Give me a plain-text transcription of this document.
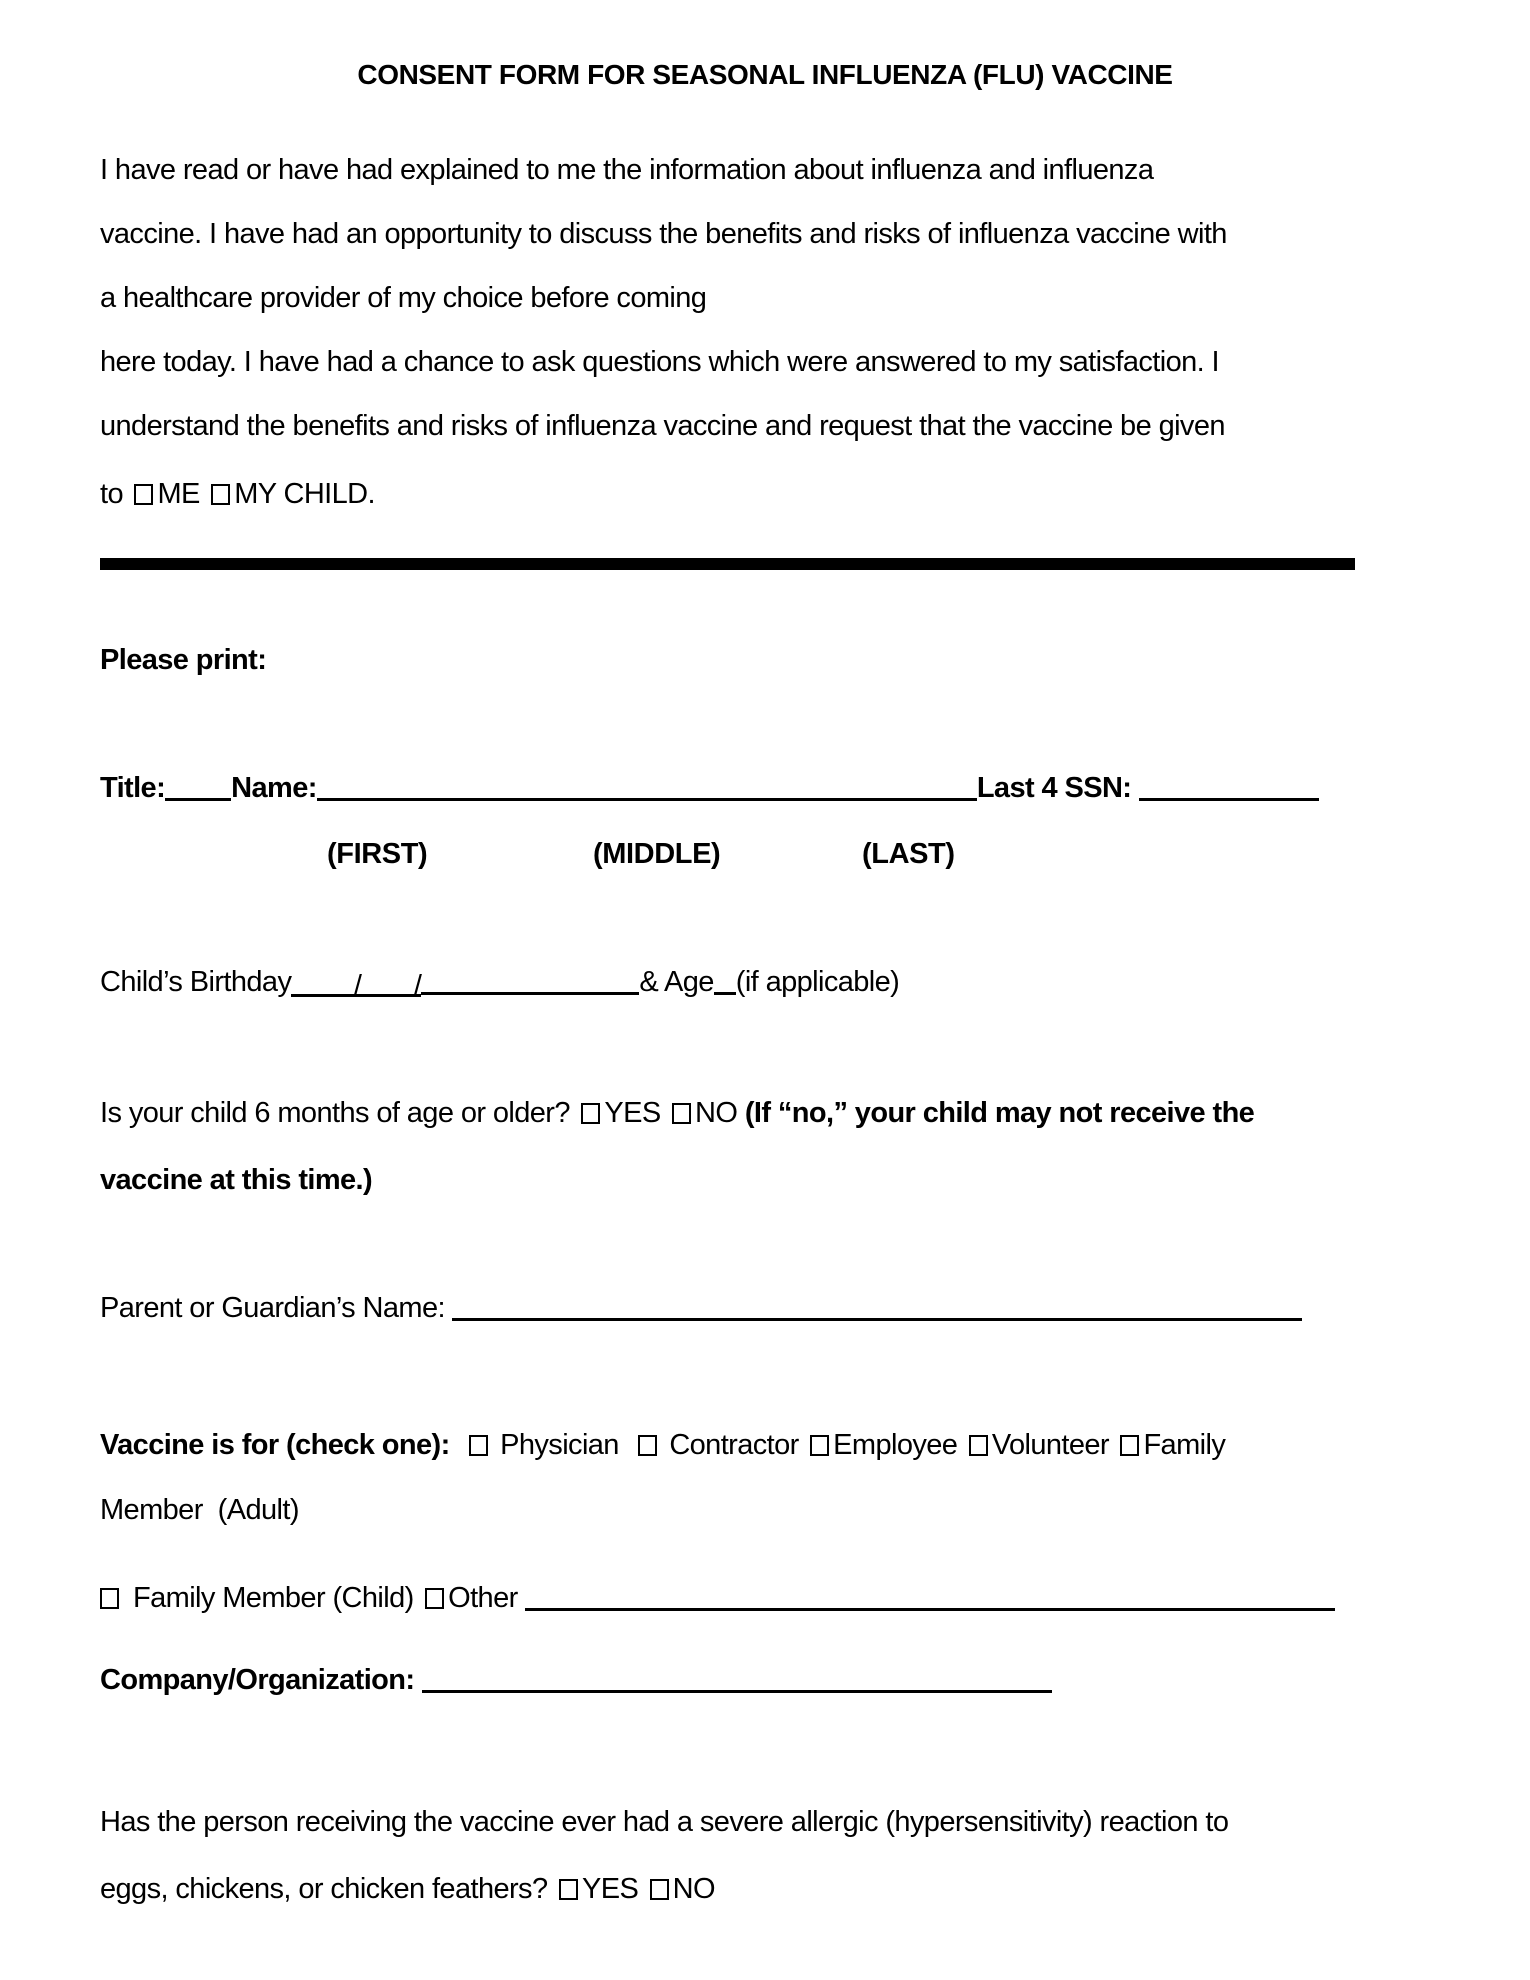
CONSENT FORM FOR SEASONAL INFLUENZA (FLU) VACCINE
I have read or have had explained to me the information about influenza and influenza
vaccine. I have had an opportunity to discuss the benefits and risks of influenza vaccine with
a healthcare provider of my choice before coming
here today. I have had a chance to ask questions which were answered to my satisfaction. I
understand the benefits and risks of influenza vaccine and request that the vaccine be given
to ME MY CHILD.
Please print:
Title: Name:	Last 4 SSN:
(FIRST)	(MIDDLE)	(LAST)
Child’s Birthday / /	& Age (if applicable)
Is your child 6 months of age or older? YES NO (If “no,” your child may not receive the
vaccine at this time.)
Parent or Guardian’s Name:
Vaccine is for (check one): Physician Contractor Employee Volunteer Family
Member  (Adult)
Family Member (Child) Other
Company/Organization:
Has the person receiving the vaccine ever had a severe allergic (hypersensitivity) reaction to
eggs, chickens, or chicken feathers? YES NO
